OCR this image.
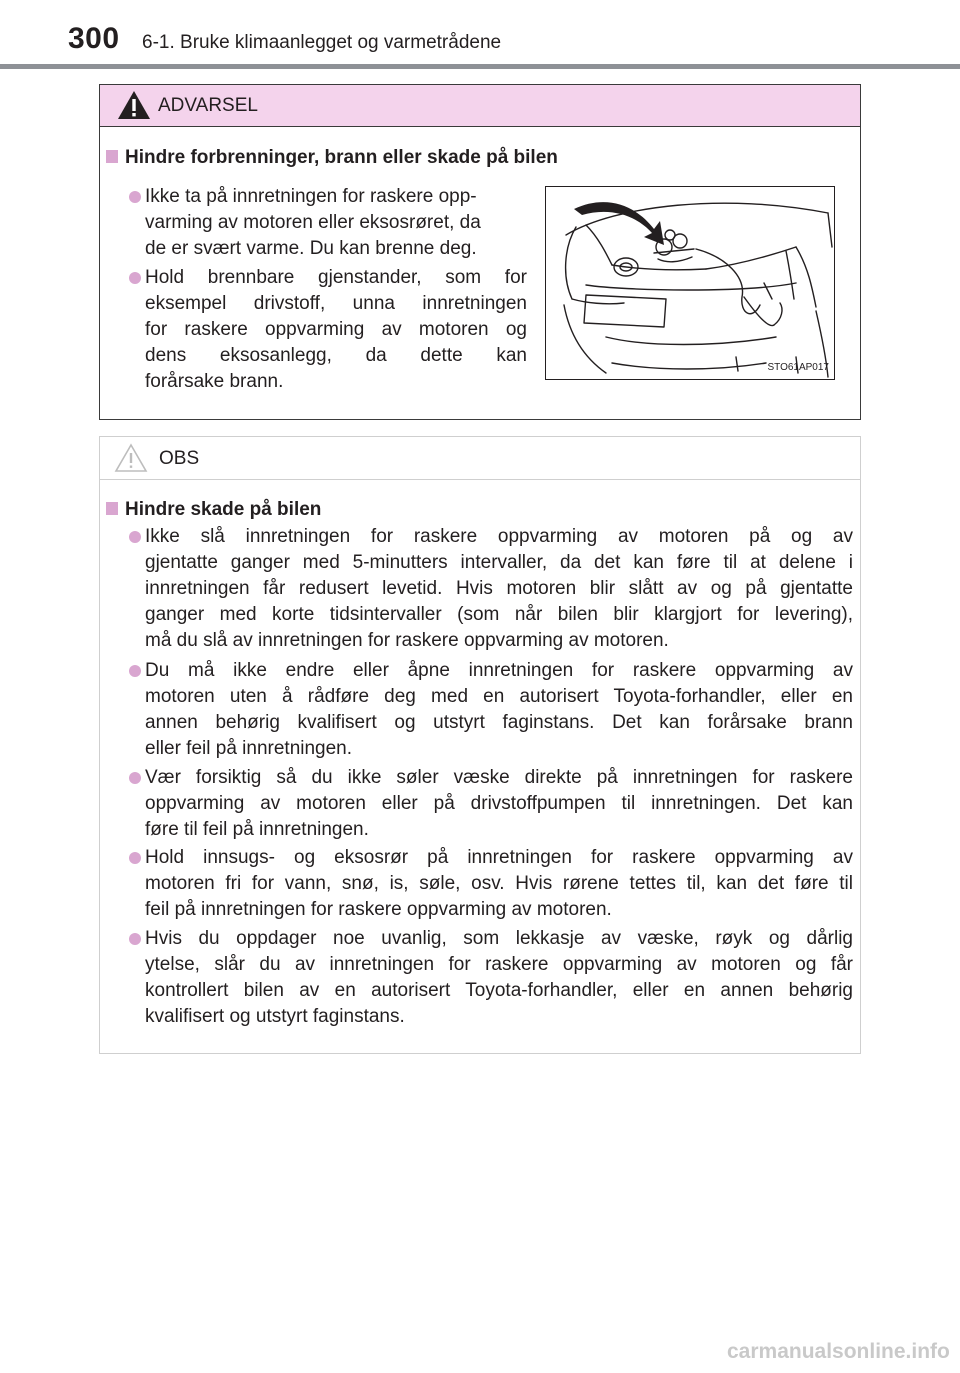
300 6-1. Bruke klimaanlegget og varmetrådene
ADVARSEL
Hindre forbrenninger, brann eller skade på bilen
Ikke ta på innretningen for raskere opp-
varming av motoren eller eksosrøret, da
de er svært varme. Du kan brenne deg.
Hold brennbare gjenstander, som for
eksempel drivstoff, unna innretningen
for raskere oppvarming av motoren og
dens eksosanlegg, da dette kan
forårsake brann.
STO61AP017
OBS
Hindre skade på bilen
Ikke slå innretningen for raskere oppvarming av motoren på og av
gjentatte ganger med 5-minutters intervaller, da det kan føre til at delene i
innretningen får redusert levetid. Hvis motoren blir slått av og på gjentatte
ganger med korte tidsintervaller (som når bilen blir klargjort for levering),
må du slå av innretningen for raskere oppvarming av motoren.
Du må ikke endre eller åpne innretningen for raskere oppvarming av
motoren uten å rådføre deg med en autorisert Toyota-forhandler, eller en
annen behørig kvalifisert og utstyrt faginstans. Det kan forårsake brann
eller feil på innretningen.
Vær forsiktig så du ikke søler væske direkte på innretningen for raskere
oppvarming av motoren eller på drivstoffpumpen til innretningen. Det kan
føre til feil på innretningen.
Hold innsugs- og eksosrør på innretningen for raskere oppvarming av
motoren fri for vann, snø, is, søle, osv. Hvis rørene tettes til, kan det føre til
feil på innretningen for raskere oppvarming av motoren.
Hvis du oppdager noe uvanlig, som lekkasje av væske, røyk og dårlig
ytelse, slår du av innretningen for raskere oppvarming av motoren og får
kontrollert bilen av en autorisert Toyota-forhandler, eller en annen behørig
kvalifisert og utstyrt faginstans.
carmanualsonline.info
